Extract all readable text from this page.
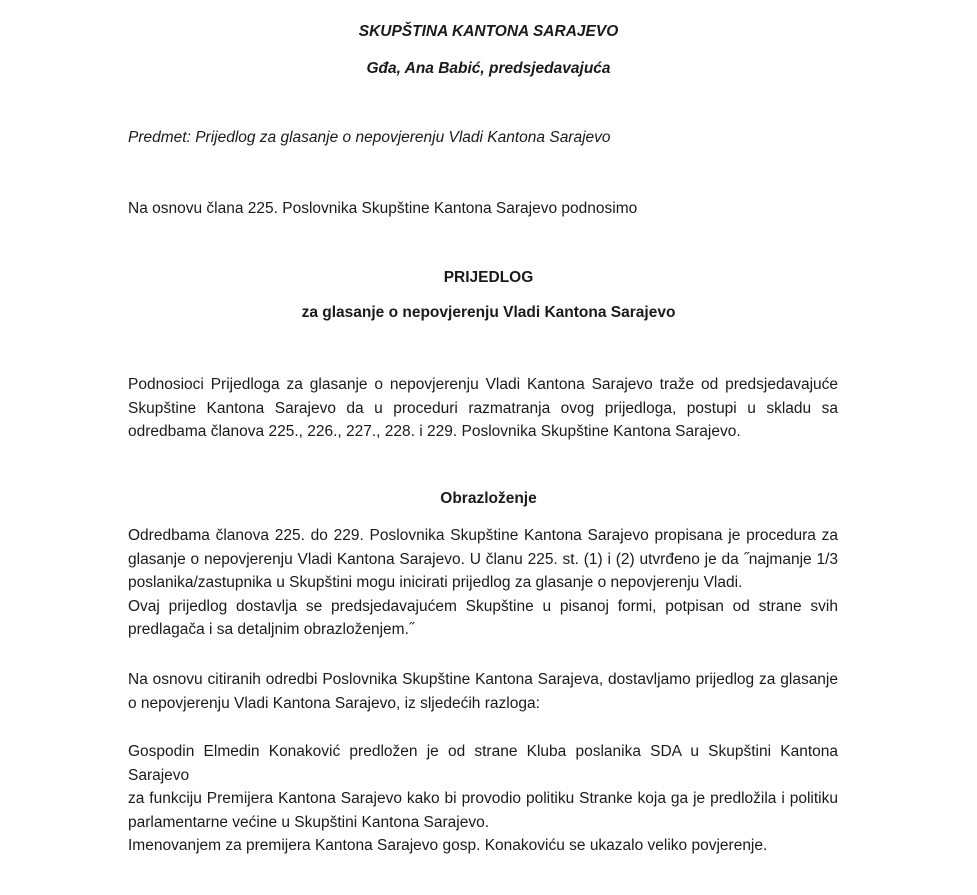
SKUPŠTINA KANTONA SARAJEVO
Gđa, Ana Babić, predsjedavajuća
Predmet: Prijedlog za glasanje o nepovjerenju Vladi Kantona Sarajevo
Na osnovu člana 225. Poslovnika Skupštine Kantona Sarajevo podnosimo
PRIJEDLOG
za glasanje o nepovjerenju Vladi Kantona Sarajevo

Podnosioci Prijedloga za glasanje o nepovjerenju Vladi Kantona Sarajevo traže od predsjedavajuće

Skupštine Kantona Sarajevo da u proceduri razmatranja ovog prijedloga, postupi u skladu sa

odredbama članova 225., 226., 227., 228. i 229. Poslovnika Skupštine Kantona Sarajevo.

Obrazloženje

Odredbama članova 225. do 229. Poslovnika Skupštine Kantona Sarajevo propisana je procedura za

glasanje o nepovjerenju Vladi Kantona Sarajevo. U članu 225. st. (1) i (2) utvrđeno je da ˝najmanje 1/3

poslanika/zastupnika u Skupštini mogu inicirati prijedlog za glasanje o nepovjerenju Vladi.

Ovaj prijedlog dostavlja se predsjedavajućem Skupštine u pisanoj formi, potpisan od strane svih

predlagača i sa detaljnim obrazloženjem.˝

Na osnovu citiranih odredbi Poslovnika Skupštine Kantona Sarajeva, dostavljamo prijedlog za glasanje

o nepovjerenju Vladi Kantona Sarajevo, iz sljedećih razloga:

Gospodin Elmedin Konaković predložen je od strane Kluba poslanika SDA u Skupštini Kantona Sarajevo

za funkciju Premijera Kantona Sarajevo kako bi provodio politiku Stranke koja ga je predložila i politiku

parlamentarne većine u Skupštini Kantona Sarajevo.

Imenovanjem za premijera Kantona Sarajevo gosp. Konakoviću se ukazalo veliko povjerenje.
